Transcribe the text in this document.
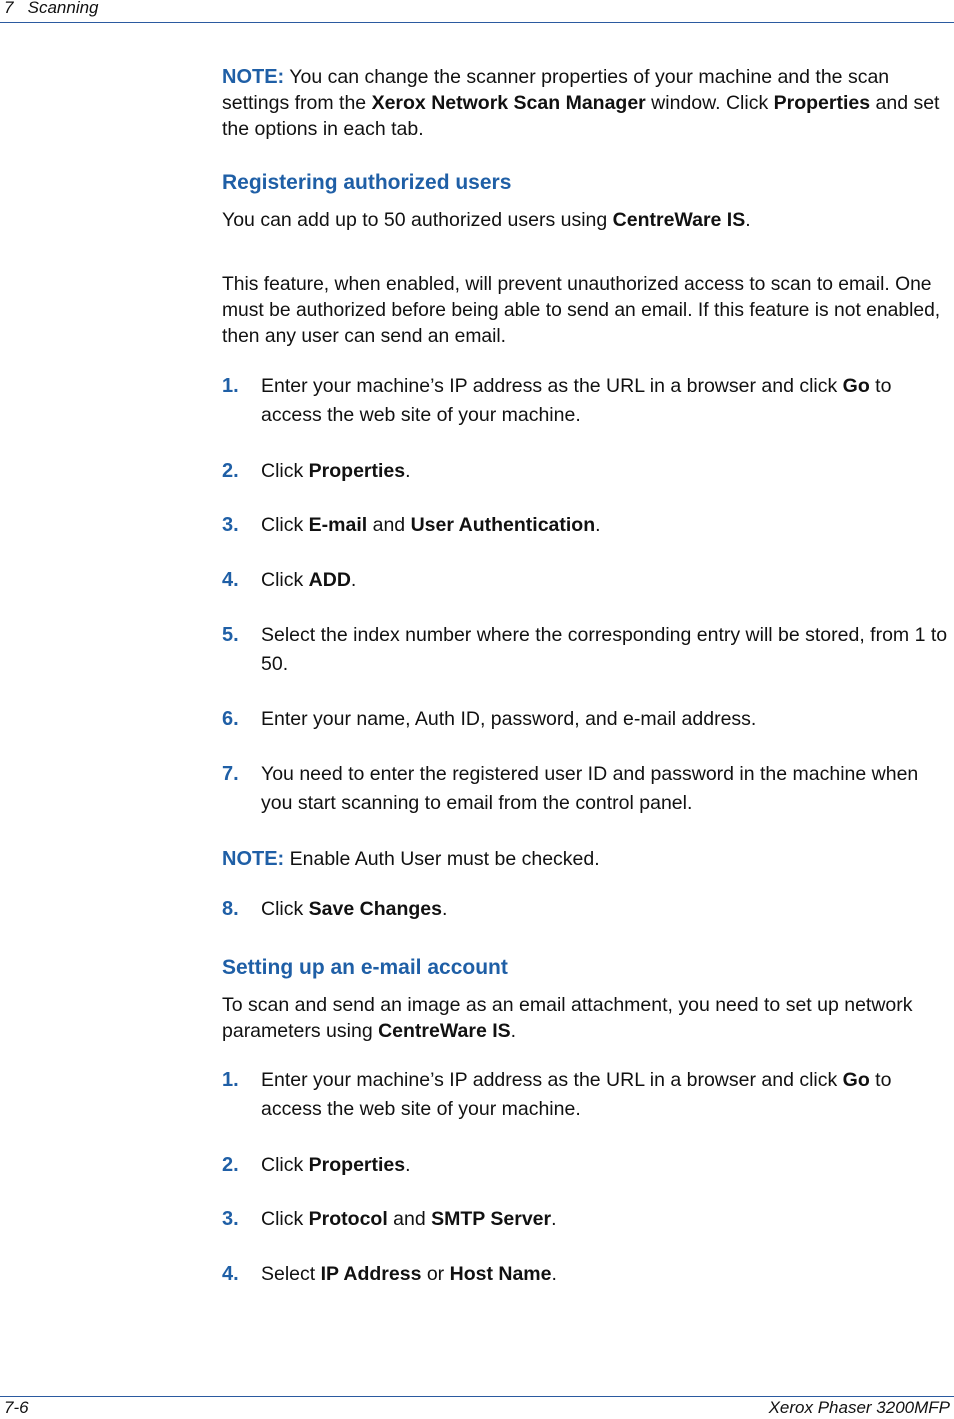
7   Scanning
NOTE: You can change the scanner properties of your machine and the scan settings from the Xerox Network Scan Manager window. Click Properties and set the options in each tab.
Registering authorized users
You can add up to 50 authorized users using CentreWare IS.
This feature, when enabled, will prevent unauthorized access to scan to email. One must be authorized before being able to send an email. If this feature is not enabled, then any user can send an email.
1. Enter your machine’s IP address as the URL in a browser and click Go to access the web site of your machine.
2. Click Properties.
3. Click E-mail and User Authentication.
4. Click ADD.
5. Select the index number where the corresponding entry will be stored, from 1 to 50.
6. Enter your name, Auth ID, password, and e-mail address.
7. You need to enter the registered user ID and password in the machine when you start scanning to email from the control panel.
NOTE: Enable Auth User must be checked.
8. Click Save Changes.
Setting up an e-mail account
To scan and send an image as an email attachment, you need to set up network parameters using CentreWare IS.
1. Enter your machine’s IP address as the URL in a browser and click Go to access the web site of your machine.
2. Click Properties.
3. Click Protocol and SMTP Server.
4. Select IP Address or Host Name.
7-6	Xerox Phaser 3200MFP
